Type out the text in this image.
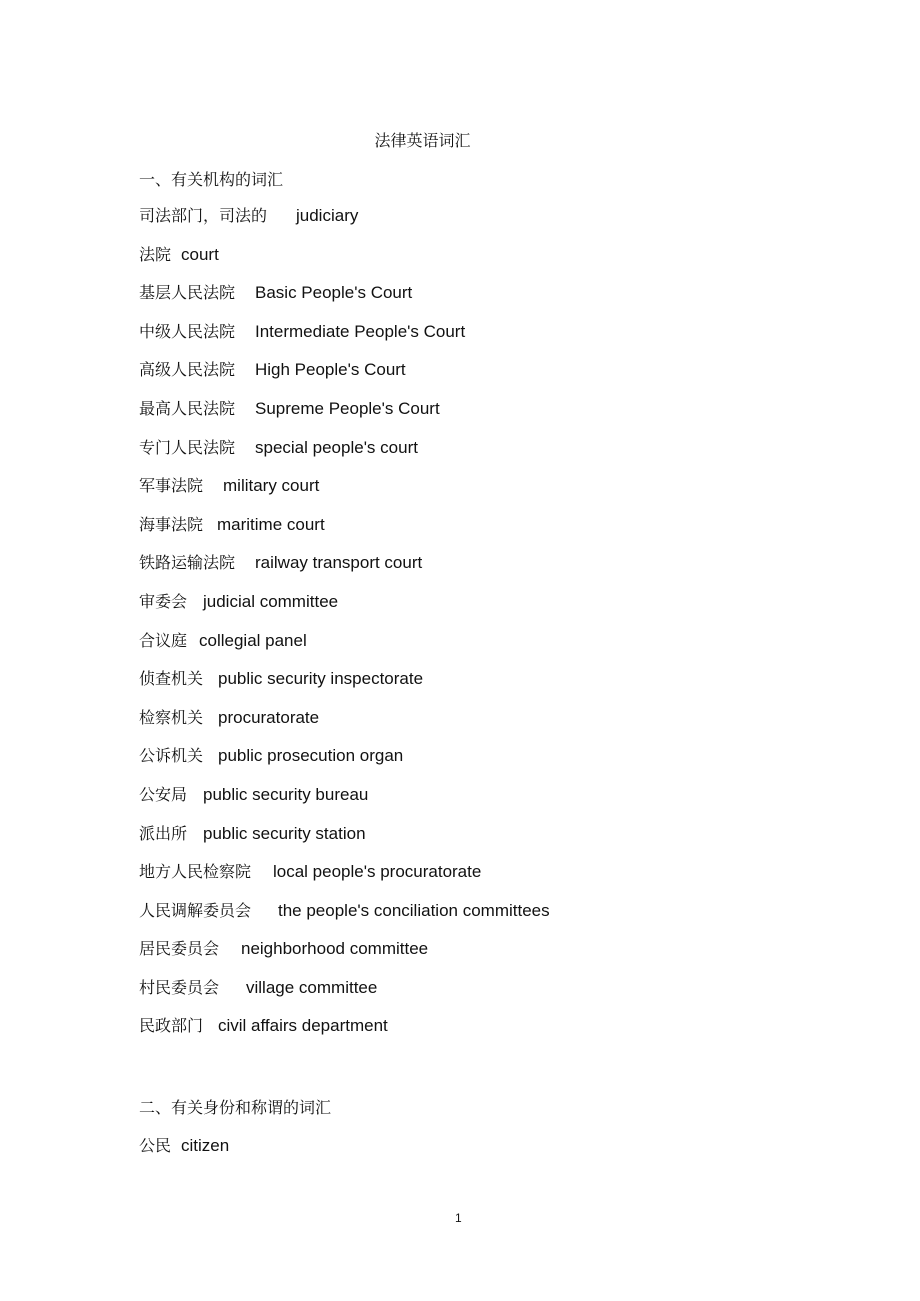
法律英语词汇
一、有关机构的词汇
司法部门，司法的 judiciary
法院 court
基层人民法院 Basic People's Court
中级人民法院 Intermediate People's Court
高级人民法院 High People's Court
最高人民法院 Supreme People's Court
专门人民法院 special people's court
军事法院 military court
海事法院 maritime court
铁路运输法院 railway transport court
审委会 judicial committee
合议庭 collegial panel
侦查机关 public security inspectorate
检察机关 procuratorate
公诉机关 public prosecution organ
公安局 public security bureau
派出所 public security station
地方人民检察院 local people's procuratorate
人民调解委员会 the people's conciliation committees
居民委员会 neighborhood committee
村民委员会 village committee
民政部门 civil affairs department
二、有关身份和称谓的词汇
公民 citizen
1
